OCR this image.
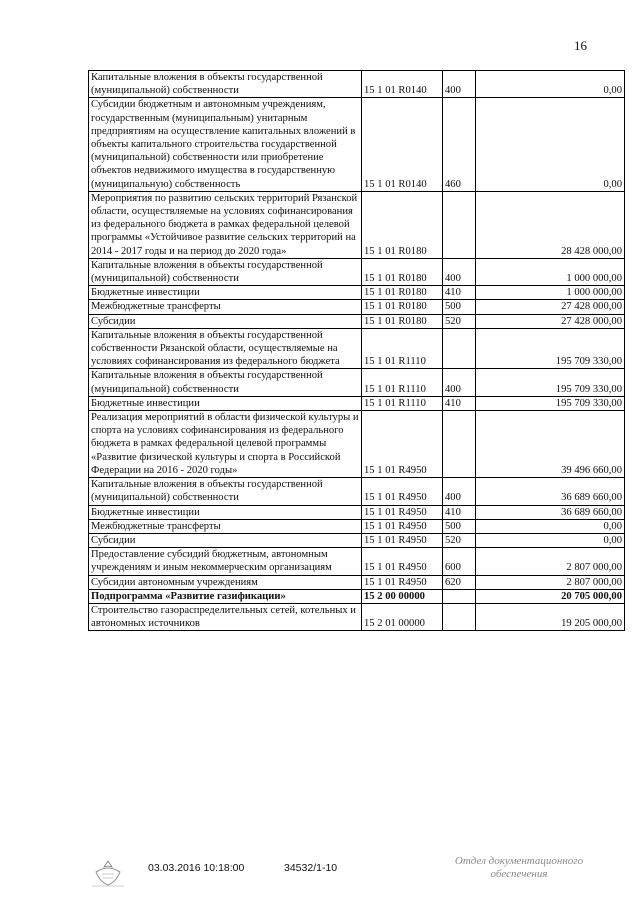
16
Капитальные вложения в объекты государственной (муниципальной) собственности	15 1 01 R0140	400	0,00
Субсидии бюджетным и автономным учреждениям, государственным (муниципальным) унитарным предприятиям на осуществление капитальных вложений в объекты капитального строительства государственной (муниципальной) собственности или приобретение объектов недвижимого имущества в государственную (муниципальную) собственность	15 1 01 R0140	460	0,00
Мероприятия по развитию сельских территорий Рязанской области, осуществляемые на условиях софинансирования из федерального бюджета в рамках федеральной целевой программы «Устойчивое развитие сельских территорий на 2014 - 2017 годы и на период до 2020 года»	15 1 01 R0180		28 428 000,00
Капитальные вложения в объекты государственной (муниципальной) собственности	15 1 01 R0180	400	1 000 000,00
Бюджетные инвестиции	15 1 01 R0180	410	1 000 000,00
Межбюджетные трансферты	15 1 01 R0180	500	27 428 000,00
Субсидии	15 1 01 R0180	520	27 428 000,00
Капитальные вложения в объекты государственной собственности Рязанской области, осуществляемые на условиях софинансирования из федерального бюджета	15 1 01 R1110		195 709 330,00
Капитальные вложения в объекты государственной (муниципальной) собственности	15 1 01 R1110	400	195 709 330,00
Бюджетные инвестиции	15 1 01 R1110	410	195 709 330,00
Реализация мероприятий в области физической культуры и спорта на условиях софинансирования из федерального бюджета в рамках федеральной целевой программы «Развитие физической культуры и спорта в Российской Федерации на 2016 - 2020 годы»	15 1 01 R4950		39 496 660,00
Капитальные вложения в объекты государственной (муниципальной) собственности	15 1 01 R4950	400	36 689 660,00
Бюджетные инвестиции	15 1 01 R4950	410	36 689 660,00
Межбюджетные трансферты	15 1 01 R4950	500	0,00
Субсидии	15 1 01 R4950	520	0,00
Предоставление субсидий бюджетным, автономным учреждениям и иным некоммерческим организациям	15 1 01 R4950	600	2 807 000,00
Субсидии автономным учреждениям	15 1 01 R4950	620	2 807 000,00
Подпрограмма «Развитие газификации»	15 2 00 00000		20 705 000,00
Строительство газораспределительных сетей, котельных и автономных источников	15 2 01 00000		19 205 000,00
03.03.2016 10:18:00	34532/1-10
Отдел документационного обеспечения
